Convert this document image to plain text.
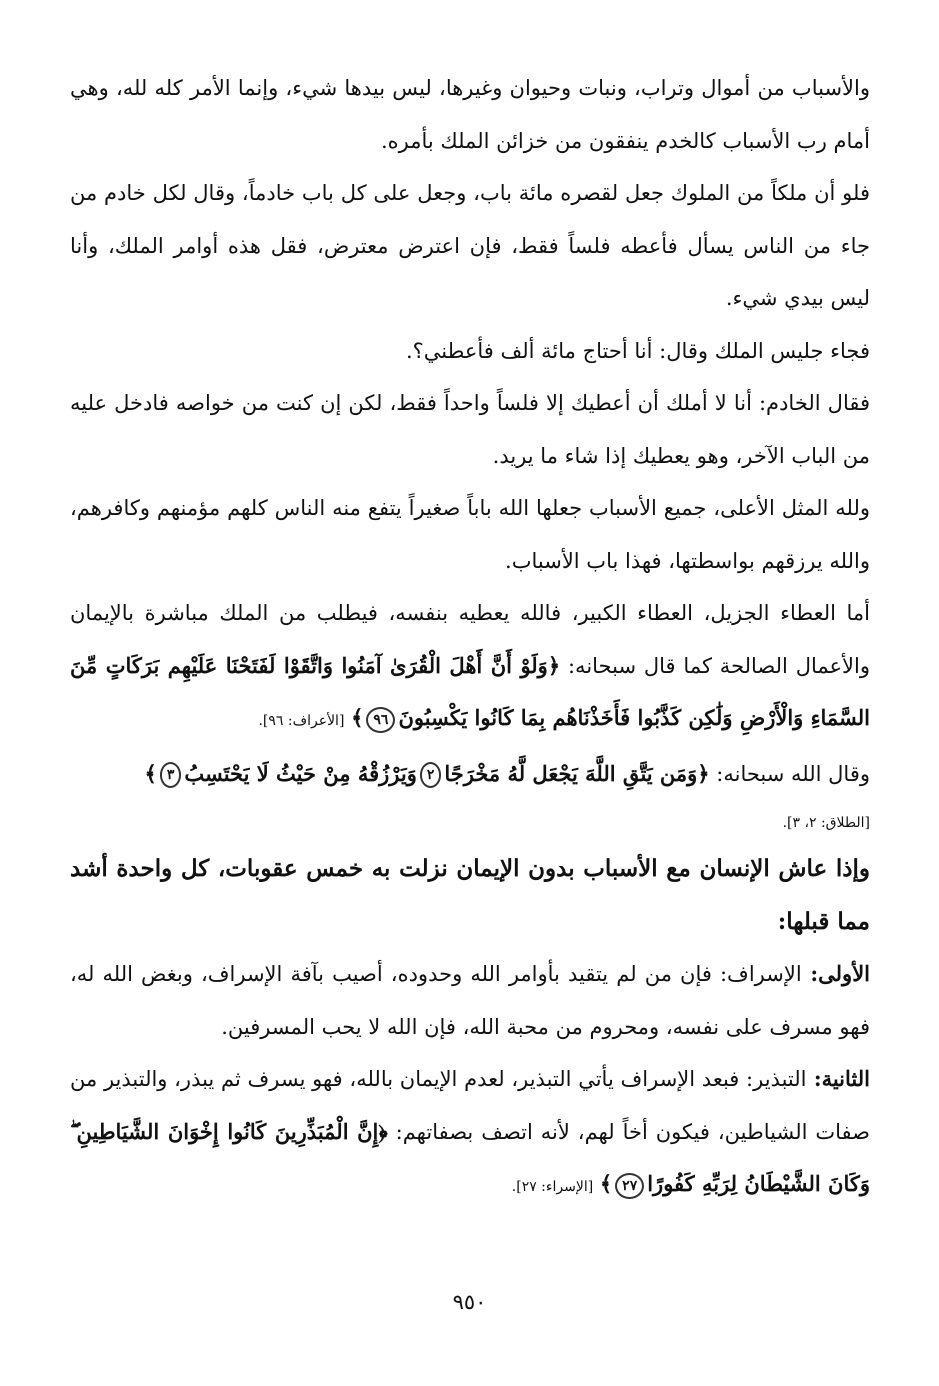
والأسباب من أموال وتراب، ونبات وحيوان وغيرها، ليس بيدها شيء، وإنما الأمر كله لله، وهي أمام رب الأسباب كالخدم ينفقون من خزائن الملك بأمره.

فلو أن ملكاً من الملوك جعل لقصره مائة باب، وجعل على كل باب خادماً، وقال لكل خادم من جاء من الناس يسأل فأعطه فلساً فقط، فإن اعترض معترض، فقل هذه أوامر الملك، وأنا ليس بيدي شيء.

فجاء جليس الملك وقال: أنا أحتاج مائة ألف فأعطني؟.

فقال الخادم: أنا لا أملك أن أعطيك إلا فلساً واحداً فقط، لكن إن كنت من خواصه فادخل عليه من الباب الآخر، وهو يعطيك إذا شاء ما يريد.

ولله المثل الأعلى، جميع الأسباب جعلها الله باباً صغيراً يتفع منه الناس كلهم مؤمنهم وكافرهم، والله يرزقهم بواسطتها، فهذا باب الأسباب.

أما العطاء الجزيل، العطاء الكبير، فالله يعطيه بنفسه، فيطلب من الملك مباشرة بالإيمان والأعمال الصالحة كما قال سبحانه: ﴿وَلَوْ أَنَّ أَهْلَ الْقُرَىٰ آمَنُوا وَاتَّقَوْا لَفَتَحْنَا عَلَيْهِم بَرَكَاتٍ مِّنَ السَّمَاءِ وَالْأَرْضِ وَلَٰكِن كَذَّبُوا فَأَخَذْنَاهُم بِمَا كَانُوا يَكْسِبُونَ٩٦﴾ [الأعراف: ٩٦].

وقال الله سبحانه: ﴿وَمَن يَتَّقِ اللَّهَ يَجْعَل لَّهُ مَخْرَجًا٢وَيَرْزُقْهُ مِنْ حَيْثُ لَا يَحْتَسِبُ٣﴾

[الطلاق: ٢، ٣].

وإذا عاش الإنسان مع الأسباب بدون الإيمان نزلت به خمس عقوبات، كل واحدة أشد مما قبلها:

الأولى: الإسراف: فإن من لم يتقيد بأوامر الله وحدوده، أصيب بآفة الإسراف، وبغض الله له، فهو مسرف على نفسه، ومحروم من محبة الله، فإن الله لا يحب المسرفين.

الثانية: التبذير: فبعد الإسراف يأتي التبذير، لعدم الإيمان بالله، فهو يسرف ثم يبذر، والتبذير من صفات الشياطين، فيكون أخاً لهم، لأنه اتصف بصفاتهم: ﴿إِنَّ الْمُبَذِّرِينَ كَانُوا إِخْوَانَ الشَّيَاطِينِ ۖ وَكَانَ الشَّيْطَانُ لِرَبِّهِ كَفُورًا٢٧﴾ [الإسراء: ٢٧].

٩٥٠
